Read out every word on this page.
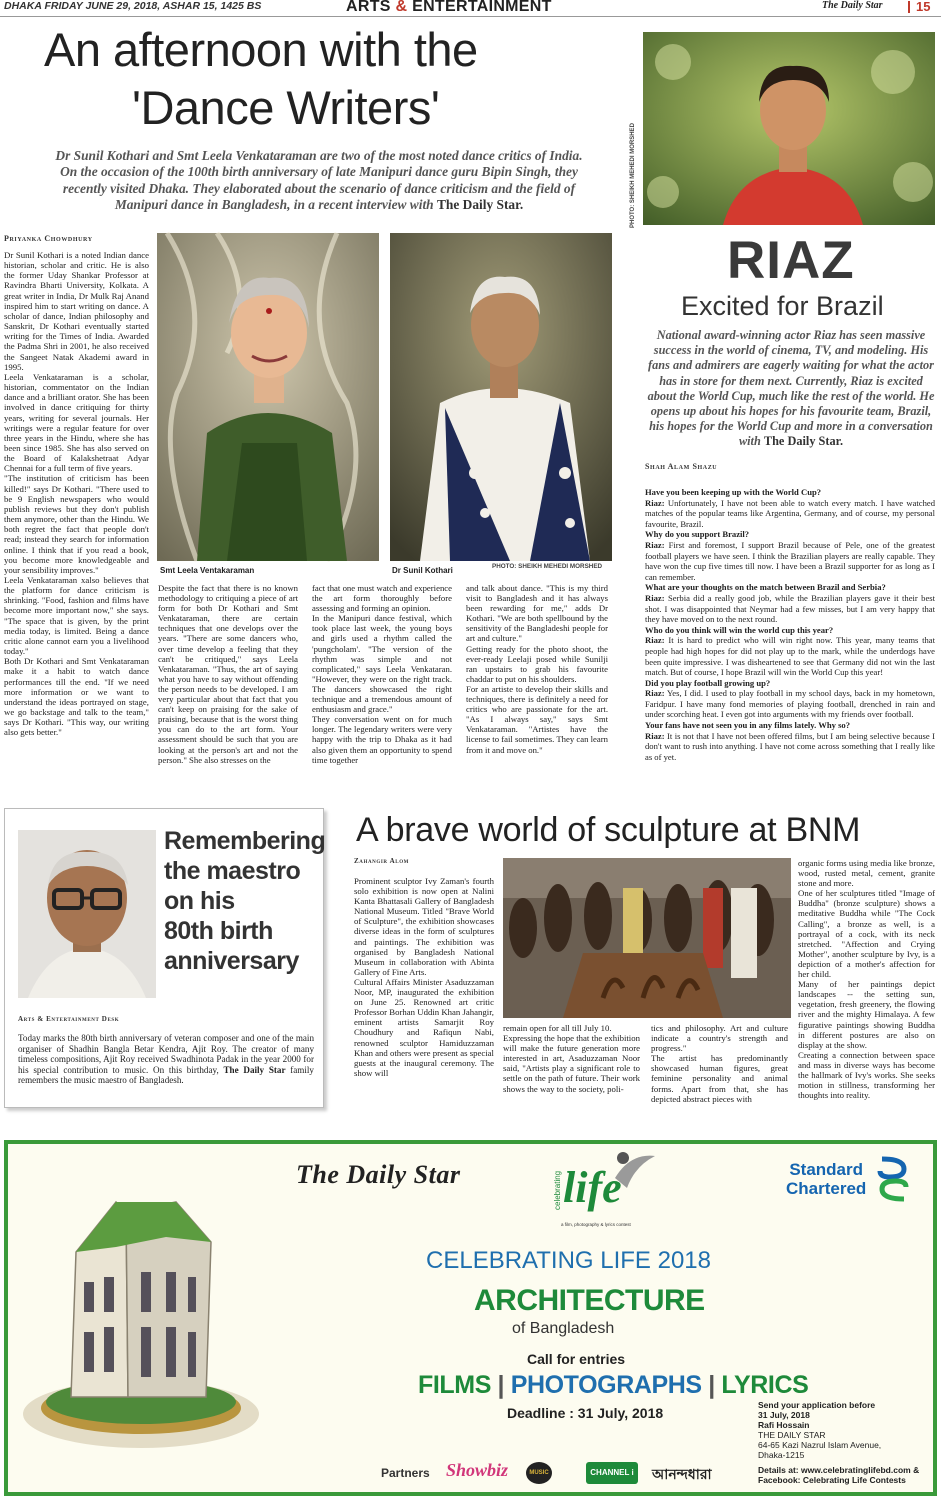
DHAKA FRIDAY JUNE 29, 2018, ASHAR 15, 1425 BS	ARTS & ENTERTAINMENT	The Daily Star	15
An afternoon with the
'Dance Writers'
Dr Sunil Kothari and Smt Leela Venkataraman are two of the most noted dance critics of India.
On the occasion of the 100th birth anniversary of late Manipuri dance guru Bipin Singh, they
recently visited Dhaka. They elaborated about the scenario of dance criticism and the field of
Manipuri dance in Bangladesh, in a recent interview with The Daily Star.
Priyanka Chowdhury
Smt Leela Ventakaraman	Dr Sunil Kothari	PHOTO: SHEIKH MEHEDI MORSHED
Dr Sunil Kothari is a noted Indian dance historian, scholar and critic. He is also the former Uday Shankar Professor at Ravindra Bharti University, Kolkata. A great writer in India, Dr Mulk Raj Anand inspired him to start writing on dance. A scholar of dance, Indian philosophy and Sanskrit, Dr Kothari eventually started writing for the Times of India. Awarded the Padma Shri in 2001, he also received the Sangeet Natak Akademi award in 1995.
Leela Venkataraman is a scholar, historian, commentator on the Indian dance and a brilliant orator. She has been involved in dance critiquing for thirty years, writing for several journals. Her writings were a regular feature for over three years in the Hindu, where she has been since 1985. She has also served on the Board of Kalakshetraat Adyar Chennai for a full term of five years.
"The institution of criticism has been killed!" says Dr Kothari. "There used to be 9 English newspapers who would publish reviews but they don't publish them anymore, other than the Hindu. We both regret the fact that people don't read; instead they search for information online. I think that if you read a book, you become more knowledgeable and your sensibility improves."
Leela Venkataraman xalso believes that the platform for dance criticism is shrinking. "Food, fashion and films have become more important now," she says. "The space that is given, by the print media today, is limited. Being a dance critic alone cannot earn you a livelihood today."
Both Dr Kothari and Smt Venkataraman make it a habit to watch dance performances till the end. "If we need more information or we want to understand the ideas portrayed on stage, we go backstage and talk to the team," says Dr Kothari. "This way, our writing also gets better."
Despite the fact that there is no known methodology to critiquing a piece of art form for both Dr Kothari and Smt Venkataraman, there are certain techniques that one develops over the years. "There are some dancers who, over time develop a feeling that they can't be critiqued," says Leela Venkataraman. "Thus, the art of saying what you have to say without offending the person needs to be developed. I am very particular about that fact that you can't keep on praising for the sake of praising, because that is the worst thing you can do to the art form. Your assessment should be such that you are looking at the person's art and not the person." She also stresses on the
fact that one must watch and experience the art form thoroughly before assessing and forming an opinion.
In the Manipuri dance festival, which took place last week, the young boys and girls used a rhythm called the 'pungcholam'. "The version of the rhythm was simple and not complicated," says Leela Venkataran. "However, they were on the right track. The dancers showcased the right technique and a tremendous amount of enthusiasm and grace."
They conversation went on for much longer. The legendary writers were very happy with the trip to Dhaka as it had also given them an opportunity to spend time together
and talk about dance. "This is my third visit to Bangladesh and it has always been rewarding for me," adds Dr Kothari. "We are both spellbound by the sensitivity of the Bangladeshi people for art and culture."
Getting ready for the photo shoot, the ever-ready Leelaji posed while Sunilji ran upstairs to grab his favourite chaddar to put on his shoulders.
For an artiste to develop their skills and techniques, there is definitely a need for critics who are passionate for the art. "As I always say," says Smt Venkataraman. "Artistes have the license to fail sometimes. They can learn from it and move on."
PHOTO: SHEIKH MEHEDI MORSHED
RIAZ
Excited for Brazil
National award-winning actor Riaz has seen massive success in the world of cinema, TV, and modeling. His fans and admirers are eagerly waiting for what the actor has in store for them next. Currently, Riaz is excited about the World Cup, much like the rest of the world. He opens up about his hopes for his favourite team, Brazil, his hopes for the World Cup and more in a conversation with The Daily Star.
Shah Alam Shazu

Have you been keeping up with the World Cup?

Riaz: Unfortunately, I have not been able to watch every match. I have watched matches of the popular teams like Argentina, Germany, and of course, my personal favourite, Brazil.

Why do you support Brazil?

Riaz: First and foremost, I support Brazil because of Pele, one of the greatest football players we have seen. I think the Brazilian players are really capable. They have won the cup five times till now. I have been a Brazil supporter for as long as I can remember.

What are your thoughts on the match between Brazil and Serbia?

Riaz: Serbia did a really good job, while the Brazilian players gave it their best shot. I was disappointed that Neymar had a few misses, but I am very happy that they have moved on to the next round.

Who do you think will win the world cup this year?

Riaz: It is hard to predict who will win right now. This year, many teams that people had high hopes for did not play up to the mark, while the underdogs have been quite impressive. I was disheartened to see that Germany did not win the last match. But of course, I hope Brazil will win the World Cup this year!

Did you play football growing up?

Riaz: Yes, I did. I used to play football in my school days, back in my hometown, Faridpur. I have many fond memories of playing football, drenched in rain and under scorching heat. I even got into arguments with my friends over football.

Your fans have not seen you in any films lately. Why so?

Riaz: It is not that I have not been offered films, but I am being selective because I don't want to rush into anything. I have not come across something that I really like as of yet.

Remembering
the maestro
on his
80th birth
anniversary
Arts & Entertainment Desk
Today marks the 80th birth anniversary of veteran composer and one of the main organiser of Shadhin Bangla Betar Kendra, Ajit Roy. The creator of many timeless compositions, Ajit Roy received Swadhinota Padak in the year 2000 for his special contribution to music. On this birthday, The Daily Star family remembers the music maestro of Bangladesh.
A brave world of sculpture at BNM
Zahangir Alom
Prominent sculptor Ivy Zaman's fourth solo exhibition is now open at Nalini Kanta Bhattasali Gallery of Bangladesh National Museum. Titled "Brave World of Sculpture", the exhibition showcases diverse ideas in the form of sculptures and paintings. The exhibition was organised by Bangladesh National Museum in collaboration with Abinta Gallery of Fine Arts.
Cultural Affairs Minister Asaduzzaman Noor, MP, inaugurated the exhibition on June 25. Renowned art critic Professor Borhan Uddin Khan Jahangir, eminent artists Samarjit Roy Choudhury and Rafiqun Nabi, renowned sculptor Hamiduzzaman Khan and others were present as special guests at the inaugural ceremony. The show will
remain open for all till July 10.
Expressing the hope that the exhibition will make the future generation more interested in art, Asaduzzaman Noor said, "Artists play a significant role to settle on the path of future. Their work shows the way to the society, poli-
tics and philosophy. Art and culture indicate a country's strength and progress."
The artist has predominantly showcased human figures, great feminine personality and animal forms. Apart from that, she has depicted abstract pieces with
organic forms using media like bronze, wood, rusted metal, cement, granite stone and more.
One of her sculptures titled "Image of Buddha" (bronze sculpture) shows a meditative Buddha while "The Cock Calling", a bronze as well, is a portrayal of a cock, with its neck stretched. "Affection and Crying Mother", another sculpture by Ivy, is a depiction of a mother's affection for her child.
Many of her paintings depict landscapes -- the setting sun, vegetation, fresh greenery, the flowing river and the mighty Himalaya. A few figurative paintings showing Buddha in different postures are also on display at the show.
Creating a connection between space and mass in diverse ways has become the hallmark of Ivy's works. She seeks motion in stillness, transforming her thoughts into reality.
The Daily Star	celebrating life
a film, photography & lyrics contest
Standard
Chartered
CELEBRATING LIFE 2018
ARCHITECTURE
of Bangladesh
Call for entries
FILMS | PHOTOGRAPHS | LYRICS
Deadline : 31 July, 2018	Send your application before
31 July, 2018
Rafi Hossain
THE DAILY STAR
64-65 Kazi Nazrul Islam Avenue,
Dhaka-1215
Details at: www.celebratinglifebd.com &
Facebook: Celebrating Life Contests
Partners Showbiz	MUSIC	CHANNEL i	আনন্দধারা
